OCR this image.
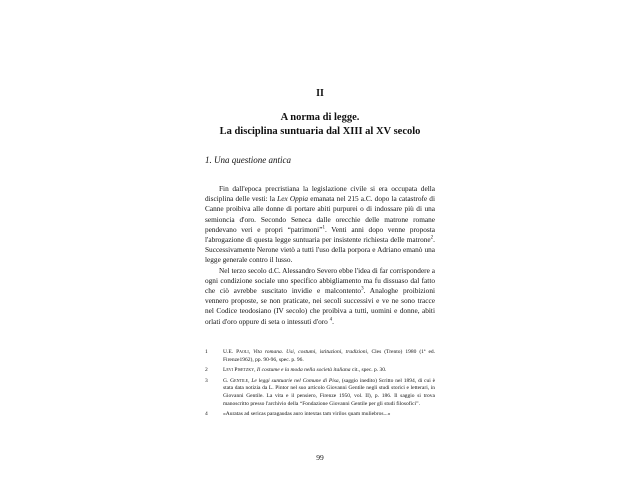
II
A norma di legge.
La disciplina suntuaria dal XIII al XV secolo
1. Una questione antica

Fin dall'epoca precristiana la legislazione civile si era occupata della disciplina delle vesti: la Lex Oppia emanata nel 215 a.C. dopo la catastrofe di Canne proibiva alle donne di portare abiti purpurei o di indossare più di una semioncia d'oro. Secondo Seneca dalle orecchie delle matrone romane pendevano veri e propri “patrimoni”$^1$. Venti anni dopo venne proposta l'abrogazione di questa legge suntuaria per insistente richiesta delle matrone$^2$. Successivamente Nerone vietò a tutti l'uso della porpora e Adriano emanò una legge generale contro il lusso.

Nel terzo secolo d.C. Alessandro Severo ebbe l'idea di far corrispondere a ogni condizione sociale uno specifico abbigliamento ma fu dissuaso dal fatto che ciò avrebbe suscitato invidie e malcontento$^3$. Analoghe proibizioni vennero proposte, se non praticate, nei secoli successivi e ve ne sono tracce nel Codice teodosiano (IV secolo) che proibiva a tutti, uomini e donne, abiti orlati d'oro oppure di seta o intessuti d'oro $^4$.

1	U.E. Paoli, Vita romana. Usi, costumi, istituzioni, tradizioni, Cles (Trento) 1980 (1ª ed. Firenze1962), pp. 90-96, spec. p. 96.
2	Levi Pisetzky, Il costume e la moda nella società italiana cit., spec. p. 30.
3	G. Gentile, Le leggi suntuarie nel Comune di Pisa, (saggio inedito) Scritto nel 1894, di cui è stata data notizia da L. Pintor nel suo articolo Giovanni Gentile negli studi storici e letterari, in Giovanni Gentile. La vita e il pensiero, Firenze 1950, vol. II), p. 186. Il saggio si trova manoscritto presso l'archivio della “Fondazione Giovanni Gentile per gli studi filosofici”.
4	«Auratas ad sericas paragaudas auro intextas tam virilos quam muliebros...»
99
